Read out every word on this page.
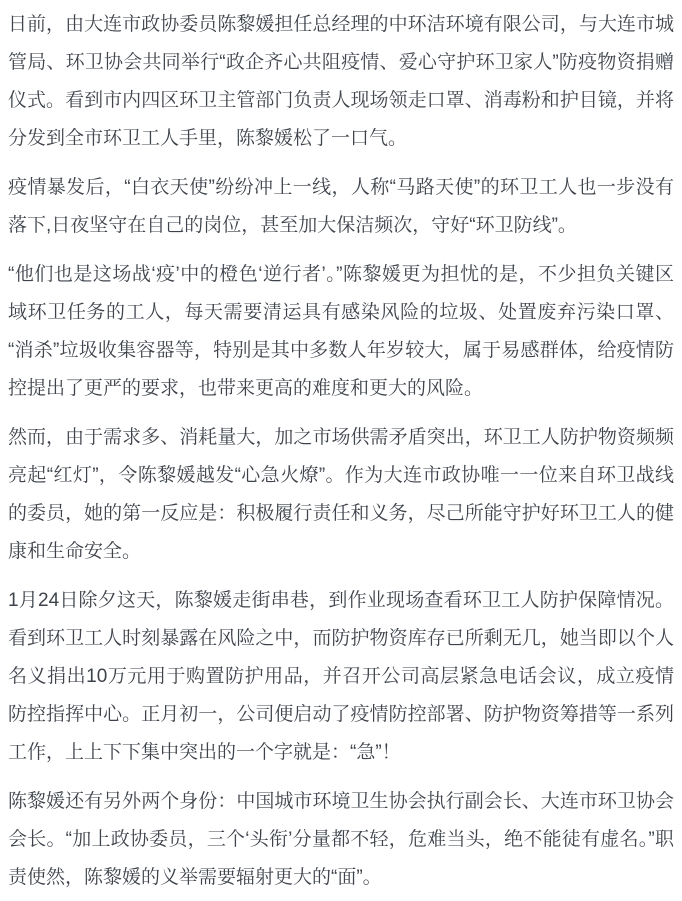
日前，由大连市政协委员陈黎媛担任总经理的中环洁环境有限公司，与大连市城管局、环卫协会共同举行“政企齐心共阻疫情、爱心守护环卫家人”防疫物资捐赠仪式。看到市内四区环卫主管部门负责人现场领走口罩、消毒粉和护目镜，并将分发到全市环卫工人手里，陈黎媛松了一口气。

疫情暴发后，“白衣天使”纷纷冲上一线，人称“马路天使”的环卫工人也一步没有落下,日夜坚守在自己的岗位，甚至加大保洁频次，守好“环卫防线”。

“他们也是这场战‘疫’中的橙色‘逆行者’。”陈黎媛更为担忧的是，不少担负关键区域环卫任务的工人，每天需要清运具有感染风险的垃圾、处置废弃污染口罩、“消杀”垃圾收集容器等，特别是其中多数人年岁较大，属于易感群体，给疫情防控提出了更严的要求，也带来更高的难度和更大的风险。

然而，由于需求多、消耗量大，加之市场供需矛盾突出，环卫工人防护物资频频亮起“红灯”，令陈黎媛越发“心急火燎”。作为大连市政协唯一一位来自环卫战线的委员，她的第一反应是：积极履行责任和义务，尽己所能守护好环卫工人的健康和生命安全。

1月24日除夕这天，陈黎媛走街串巷，到作业现场查看环卫工人防护保障情况。看到环卫工人时刻暴露在风险之中，而防护物资库存已所剩无几，她当即以个人名义捐出10万元用于购置防护用品，并召开公司高层紧急电话会议，成立疫情防控指挥中心。正月初一，公司便启动了疫情防控部署、防护物资筹措等一系列工作，上上下下集中突出的一个字就是：“急”！

陈黎媛还有另外两个身份：中国城市环境卫生协会执行副会长、大连市环卫协会会长。“加上政协委员，三个‘头衔’分量都不轻，危难当头，绝不能徒有虚名。”职责使然，陈黎媛的义举需要辐射更大的“面”。
